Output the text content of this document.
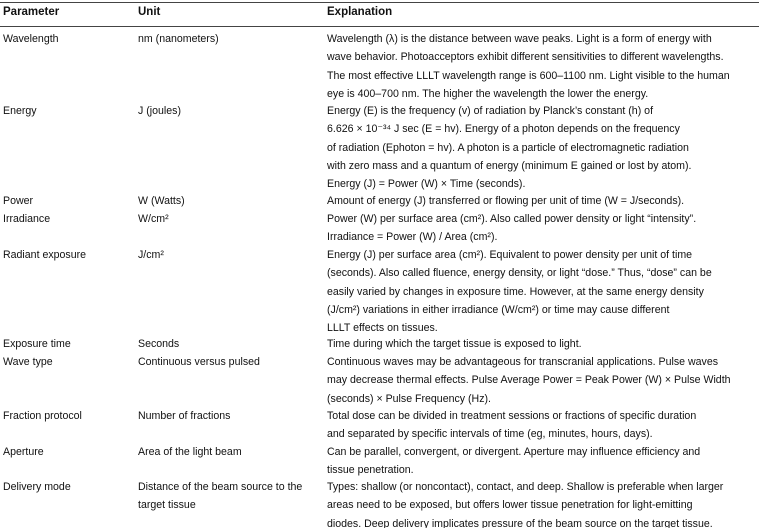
Parameter	Unit	Explanation
Wavelength	nm (nanometers)	Wavelength (λ) is the distance between wave peaks. Light is a form of energy with
wave behavior. Photoacceptors exhibit different sensitivities to different wavelengths.
The most effective LLLT wavelength range is 600–1100 nm. Light visible to the human
eye is 400–700 nm. The higher the wavelength the lower the energy.
Energy	J (joules)	Energy (E) is the frequency (v) of radiation by Planck’s constant (h) of
6.626 × 10⁻³⁴ J sec (E = hv). Energy of a photon depends on the frequency
of radiation (Ephoton = hv). A photon is a particle of electromagnetic radiation
with zero mass and a quantum of energy (minimum E gained or lost by atom).
Energy (J) = Power (W) × Time (seconds).
Power	W (Watts)	Amount of energy (J) transferred or flowing per unit of time (W = J/seconds).
Irradiance	W/cm²	Power (W) per surface area (cm²). Also called power density or light “intensity”.
Irradiance = Power (W) / Area (cm²).
Radiant exposure	J/cm²	Energy (J) per surface area (cm²). Equivalent to power density per unit of time
(seconds). Also called fluence, energy density, or light “dose.” Thus, “dose” can be
easily varied by changes in exposure time. However, at the same energy density
(J/cm²) variations in either irradiance (W/cm²) or time may cause different
LLLT effects on tissues.
Exposure time	Seconds	Time during which the target tissue is exposed to light.
Wave type	Continuous versus pulsed	Continuous waves may be advantageous for transcranial applications. Pulse waves
may decrease thermal effects. Pulse Average Power = Peak Power (W) × Pulse Width
(seconds) × Pulse Frequency (Hz).
Fraction protocol	Number of fractions	Total dose can be divided in treatment sessions or fractions of specific duration
and separated by specific intervals of time (eg, minutes, hours, days).
Aperture	Area of the light beam	Can be parallel, convergent, or divergent. Aperture may influence efficiency and
tissue penetration.
Delivery mode	Distance of the beam source to the target tissue
Types: shallow (or noncontact), contact, and deep. Shallow is preferable when larger
areas need to be exposed, but offers lower tissue penetration for light-emitting
diodes. Deep delivery implicates pressure of the beam source on the target tissue.
